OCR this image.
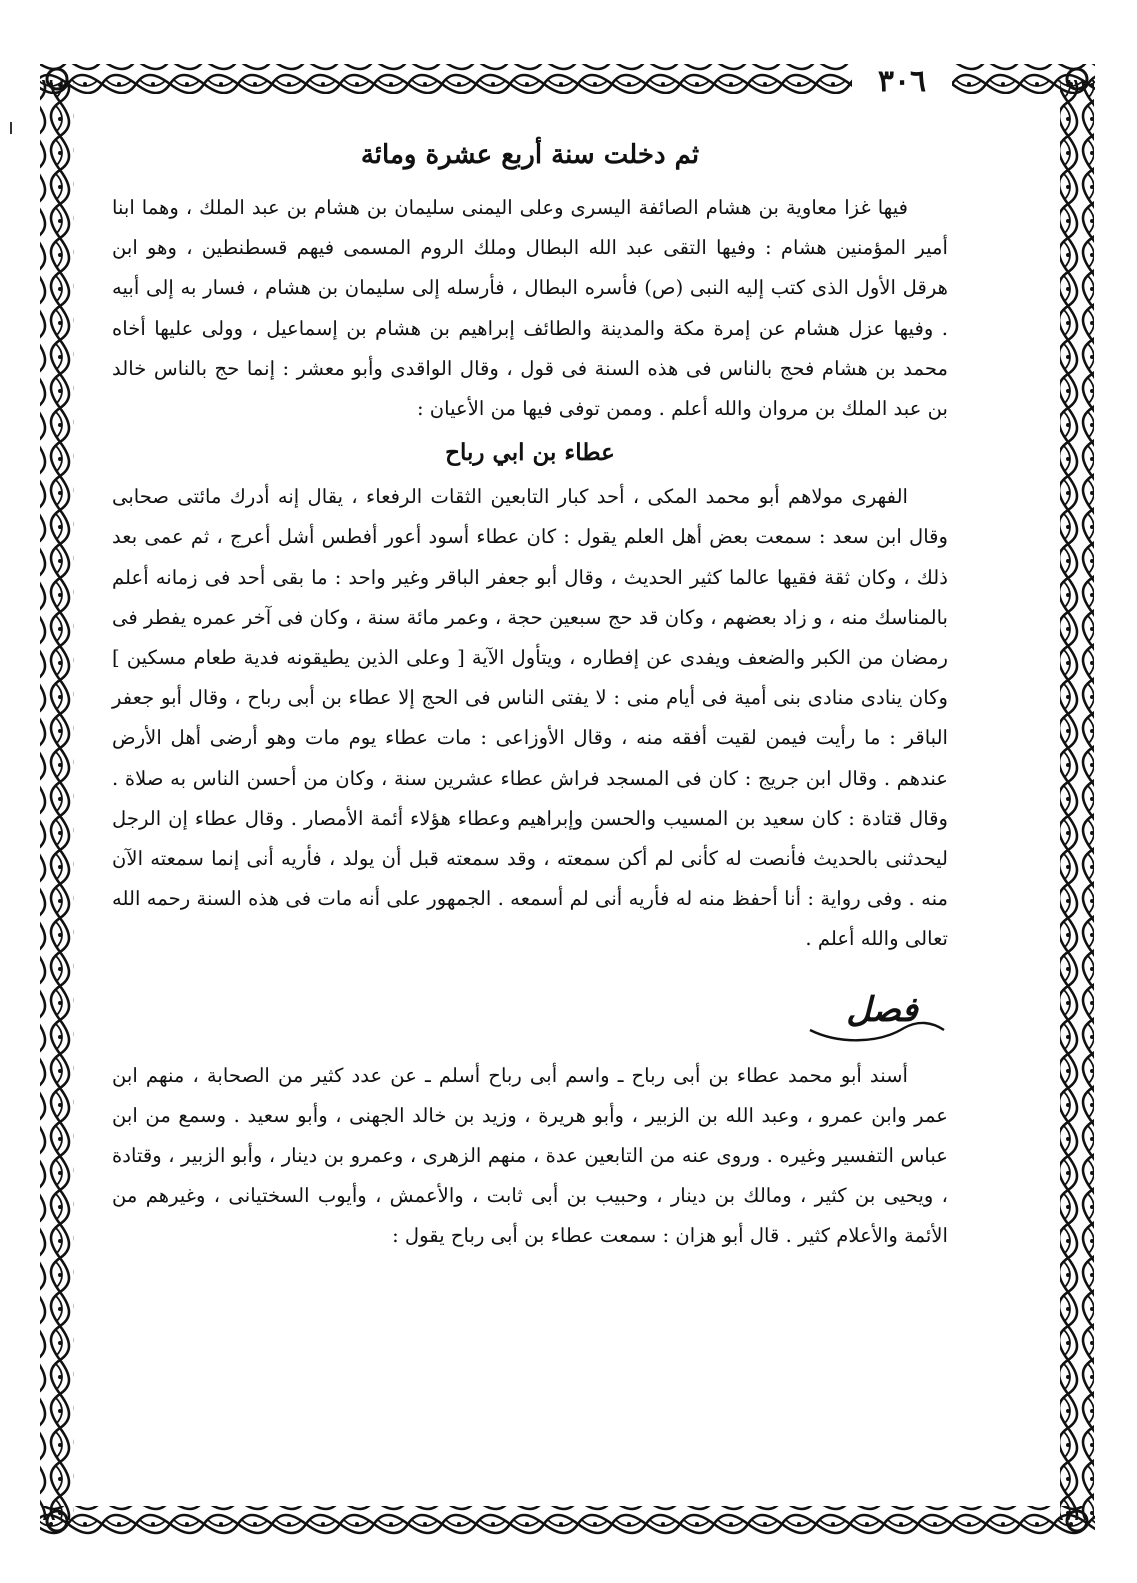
٣٠٦
ثم دخلت سنة أربع عشرة ومائة

فيها غزا معاوية بن هشام الصائفة اليسرى وعلى اليمنى سليمان بن هشام بن عبد الملك ، وهما ابنا أمير المؤمنين هشام : وفيها التقى عبد الله البطال وملك الروم المسمى فيهم قسطنطين ، وهو ابن هرقل الأول الذى كتب إليه النبى (ص) فأسره البطال ، فأرسله إلى سليمان بن هشام ، فسار به إلى أبيه . وفيها عزل هشام عن إمرة مكة والمدينة والطائف إبراهيم بن هشام بن إسماعيل ، وولى عليها أخاه محمد بن هشام فحج بالناس فى هذه السنة فى قول ، وقال الواقدى وأبو معشر : إنما حج بالناس خالد بن عبد الملك بن مروان والله أعلم . وممن توفى فيها من الأعيان :

عطاء بن ابي رباح

الفهرى مولاهم أبو محمد المكى ، أحد كبار التابعين الثقات الرفعاء ، يقال إنه أدرك مائتى صحابى وقال ابن سعد : سمعت بعض أهل العلم يقول : كان عطاء أسود أعور أفطس أشل أعرج ، ثم عمى بعد ذلك ، وكان ثقة فقيها عالما كثير الحديث ، وقال أبو جعفر الباقر وغير واحد : ما بقى أحد فى زمانه أعلم بالمناسك منه ، و زاد بعضهم ، وكان قد حج سبعين حجة ، وعمر مائة سنة ، وكان فى آخر عمره يفطر فى رمضان من الكبر والضعف ويفدى عن إفطاره ، ويتأول الآية [ وعلى الذين يطيقونه فدية طعام مسكين ] وكان ينادى منادى بنى أمية فى أيام منى : لا يفتى الناس فى الحج إلا عطاء بن أبى رباح ، وقال أبو جعفر الباقر : ما رأيت فيمن لقيت أفقه منه ، وقال الأوزاعى : مات عطاء يوم مات وهو أرضى أهل الأرض عندهم . وقال ابن جريج : كان فى المسجد فراش عطاء عشرين سنة ، وكان من أحسن الناس به صلاة . وقال قتادة : كان سعيد بن المسيب والحسن وإبراهيم وعطاء هؤلاء أئمة الأمصار . وقال عطاء إن الرجل ليحدثنى بالحديث فأنصت له كأنى لم أكن سمعته ، وقد سمعته قبل أن يولد ، فأريه أنى إنما سمعته الآن منه . وفى رواية : أنا أحفظ منه له فأريه أنى لم أسمعه . الجمهور على أنه مات فى هذه السنة رحمه الله تعالى والله أعلم .

فصل

أسند أبو محمد عطاء بن أبى رباح ـ واسم أبى رباح أسلم ـ عن عدد كثير من الصحابة ، منهم ابن عمر وابن عمرو ، وعبد الله بن الزبير ، وأبو هريرة ، وزيد بن خالد الجهنى ، وأبو سعيد . وسمع من ابن عباس التفسير وغيره . وروى عنه من التابعين عدة ، منهم الزهرى ، وعمرو بن دينار ، وأبو الزبير ، وقتادة ، ويحيى بن كثير ، ومالك بن دينار ، وحبيب بن أبى ثابت ، والأعمش ، وأيوب السختيانى ، وغيرهم من الأئمة والأعلام كثير . قال أبو هزان : سمعت عطاء بن أبى رباح يقول :
